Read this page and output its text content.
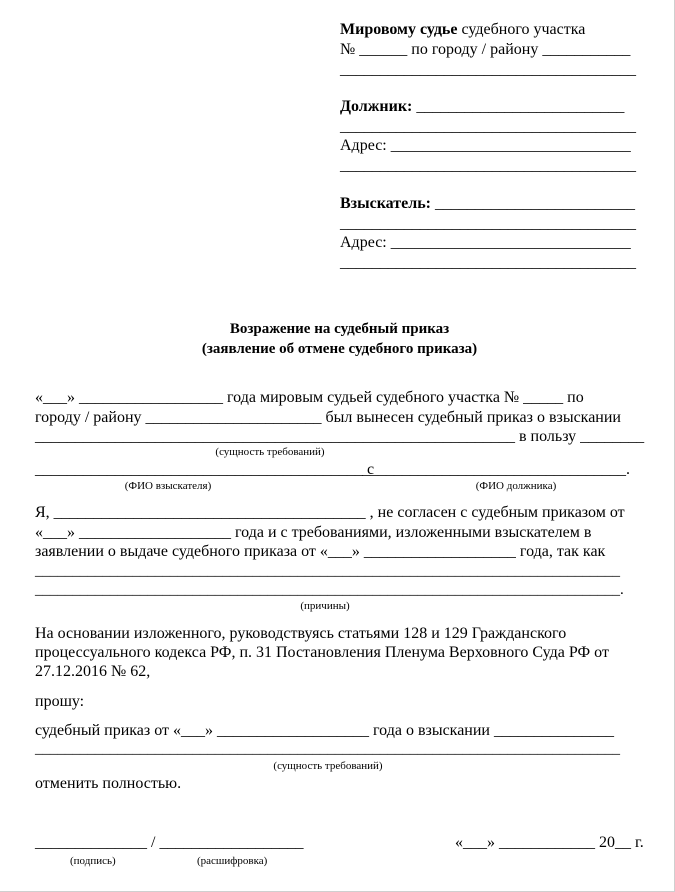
Мировому судье судебного участка
№ ______ по городу / району ___________
_____________________________________
Должник: __________________________
_____________________________________
Адрес: ______________________________
_____________________________________
Взыскатель: _________________________
_____________________________________
Адрес: ______________________________
_____________________________________
Возражение на судебный приказ
(заявление об отмене судебного приказа)
«___» __________________ года мировым судьей судебного участка № _____ по
городу / району ______________________ был вынесен судебный приказ о взыскании
____________________________________________________________ в пользу ________
(сущность требований)
_________________________________________ с
_________________________________.
(ФИО взыскателя)	(ФИО должника)
Я, _______________________________________ , не согласен с судебным приказом от
«___» ___________________ года и с требованиями, изложенными взыскателем в
заявлении о выдаче судебного приказа от «___» ___________________ года, так как
______________________________________________________________________________
______________________________________________________________________________.
(причины)
На основании изложенного, руководствуясь статьями 128 и 129 Гражданского
процессуального кодекса РФ, п. 31 Постановления Пленума Верховного Суда РФ от
27.12.2016 № 62,
прошу:
судебный приказ от «___» ___________________ года о взыскании _______________
______________________________________________________________________________
(сущность требований)
отменить полностью.
______________ / __________________	«___» ____________ 20__ г.
(подпись)	(расшифровка)
